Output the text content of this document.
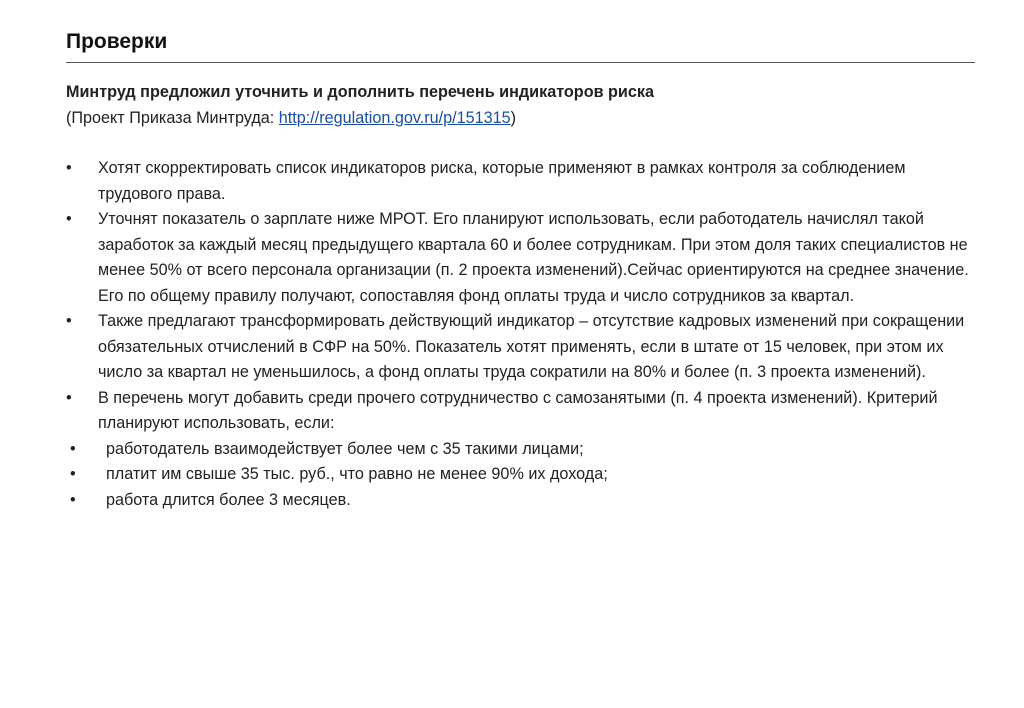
Проверки
Минтруд предложил уточнить и дополнить перечень индикаторов риска
(Проект Приказа Минтруда: http://regulation.gov.ru/p/151315)
•	Хотят скорректировать список индикаторов риска, которые применяют в рамках контроля за соблюдением трудового права.
•	Уточнят показатель о зарплате ниже МРОТ. Его планируют использовать, если работодатель начислял такой заработок за каждый месяц предыдущего квартала 60 и более сотрудникам. При этом доля таких специалистов не менее 50% от всего персонала организации (п. 2 проекта изменений).Сейчас ориентируются на среднее значение. Его по общему правилу получают, сопоставляя фонд оплаты труда и число сотрудников за квартал.
•	Также предлагают трансформировать действующий индикатор – отсутствие кадровых изменений при сокращении обязательных отчислений в СФР на 50%. Показатель хотят применять, если в штате от 15 человек, при этом их число за квартал не уменьшилось, а фонд оплаты труда сократили на 80% и более (п. 3 проекта изменений).
•	В перечень могут добавить среди прочего сотрудничество с самозанятыми (п. 4 проекта изменений). Критерий планируют использовать, если:
•	работодатель взаимодействует более чем с 35 такими лицами;
•	платит им свыше 35 тыс. руб., что равно не менее 90% их дохода;
•	работа длится более 3 месяцев.
